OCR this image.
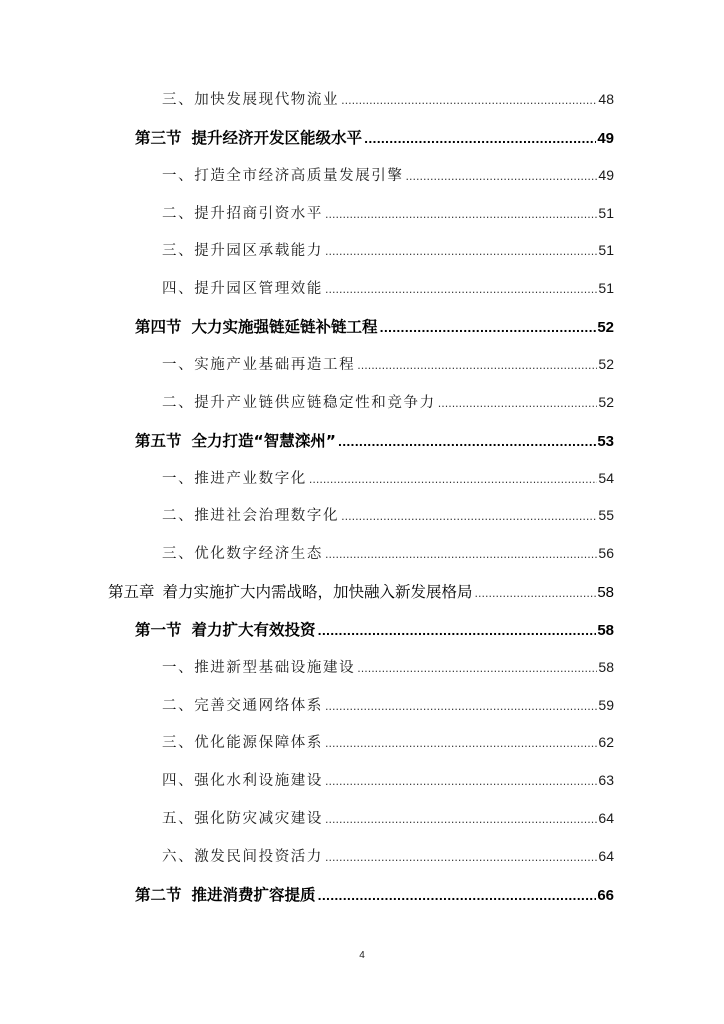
三、加快发展现代物流业 .....	48
第三节 提升经济开发区能级水平 .....	49
一、打造全市经济高质量发展引擎 .....	49
二、提升招商引资水平 .....	51
三、提升园区承载能力 .....	51
四、提升园区管理效能 .....	51
第四节 大力实施强链延链补链工程 .....	52
一、实施产业基础再造工程 .....	52
二、提升产业链供应链稳定性和竞争力 .....	52
第五节 全力打造“智慧滦州” .....	53
一、推进产业数字化 .....	54
二、推进社会治理数字化 .....	55
三、优化数字经济生态 .....	56
第五章 着力实施扩大内需战略，加快融入新发展格局 .....	58
第一节 着力扩大有效投资 .....	58
一、推进新型基础设施建设 .....	58
二、完善交通网络体系 .....	59
三、优化能源保障体系 .....	62
四、强化水利设施建设 .....	63
五、强化防灾减灾建设 .....	64
六、激发民间投资活力 .....	64
第二节 推进消费扩容提质 .....	66
4
